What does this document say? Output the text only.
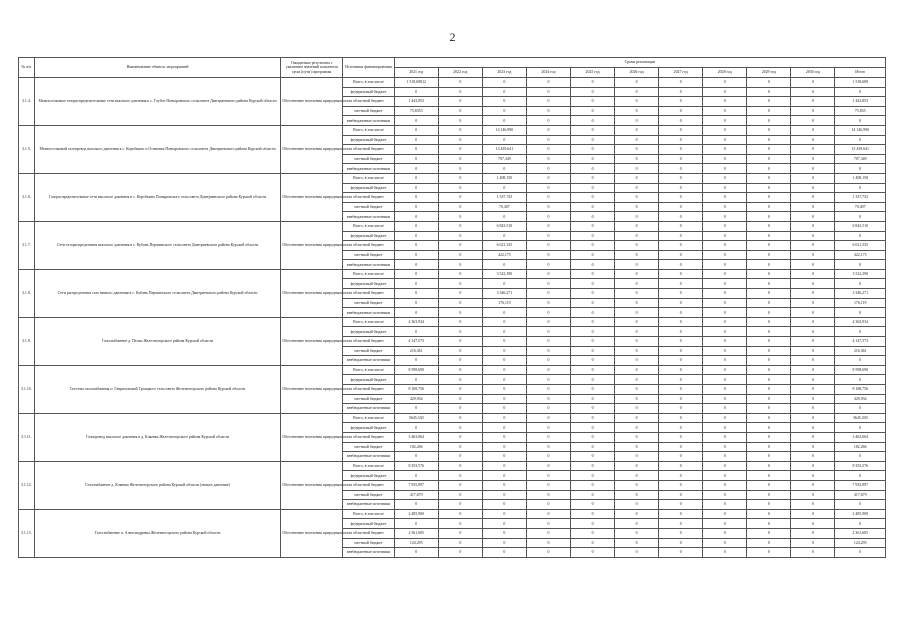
2
№ п/п	Наименование объекта, мероприятий	Ожидаемые результаты с указанием значений показателя цели (пути) программы	Источники финансирования	Сроки реализации										
				2021 год	2022 год	2023 год	2024 год	2025 год	2026 год	2027 год	2028 год	2029 год	2030 год	Итого
3.1.4.	Межпоселковые газораспределительные сети высокого давления к с. Глубое Поныровского сельсовета Дмитриевского района Курской области	Обеспечение населения природным газом	Всего, в том числе	1 518,69812	0	0	0	0	0	0	0	0	0	1 518,688
			федеральный бюджет	0	0	0	0	0	0	0	0	0	0	0
			областной бюджет	1 443,853	0	0	0	0	0	0	0	0	0	1 443,853
			местный бюджет	75,8353	0	0	0	0	0	0	0	0	0	75,835
			внебюджетные источники	0	0	0	0	0	0	0	0	0	0	0
3.1.5.	Межпоселковый газопровод высокого давления к с. Коробкино и Осиновка Поныровского сельсовета Дмитриевского района Курской области	Обеспечение населения природным газом	Всего, в том числе	0	0	14 146,990	0	0	0	0	0	0	0	14 146,990
			федеральный бюджет	0	0	0	0	0	0	0	0	0	0	0
			областной бюджет	0	0	13 439,641	0	0	0	0	0	0	0	13 439,641
			местный бюджет	0	0	707,349	0	0	0	0	0	0	0	707,349
			внебюджетные источники	0	0	0	0	0	0	0	0	0	0	0
3.1.6.	Газораспределительные сети высокого давления в с. Коробкино Поныровского сельсовета Дмитриевского района Курской области	Обеспечение населения природным газом	Всего, в том числе	0	0	1 408,150	0	0	0	0	0	0	0	1 408,150
			федеральный бюджет	0	0	0	0	0	0	0	0	0	0	0
			областной бюджет	0	0	1 337,743	0	0	0	0	0	0	0	1 337,743
			местный бюджет	0	0	70,407	0	0	0	0	0	0	0	70,407
			внебюджетные источники	0	0	0	0	0	0	0	0	0	0	0
3.1.7.	Сети газораспределения высокого давления в с. Кубань Першинского сельсовета Дмитриевского района Курской области	Обеспечение населения природным газом	Всего, в том числе	0	0	6 843,510	0	0	0	0	0	0	0	6 843,510
			федеральный бюджет	0	0	0	0	0	0	0	0	0	0	0
			областной бюджет	0	0	6 021,335	0	0	0	0	0	0	0	6 021,335
			местный бюджет	0	0	422,175	0	0	0	0	0	0	0	422,175
			внебюджетные источники	0	0	0	0	0	0	0	0	0	0	0
3.1.8.	Сети распределения газа низкого давления в с. Кубань Першинского сельсовета Дмитриевского района Курской области	Обеспечение населения природным газом	Всего, в том числе	0	0	3 522,390	0	0	0	0	0	0	0	3 522,390
			федеральный бюджет	0	0	0	0	0	0	0	0	0	0	0
			областной бюджет	0	0	3 346,271	0	0	0	0	0	0	0	3 346,271
			местный бюджет	0	0	176,119	0	0	0	0	0	0	0	176,119
			внебюджетные источники	0	0	0	0	0	0	0	0	0	0	0
3.1.9.	Газоснабжение д. Пески Железногорского района Курской области	Обеспечение населения природным газом	Всего, в том числе	4 363,934	0	0	0	0	0	0	0	0	0	4 363,934
			федеральный бюджет	0	0	0	0	0	0	0	0	0	0	0
			областной бюджет	4 147,573	0	0	0	0	0	0	0	0	0	4 147,573
			местный бюджет	216,361	0	0	0	0	0	0	0	0	0	216,361
			внебюджетные источники	0	0	0	0	0	0	0	0	0	0	0
3.1.10.	Система газоснабжения п. Гавриловский Троицкого сельсовета Железногорского района Курской области	Обеспечение населения природным газом	Всего, в том числе	8 598,690	0	0	0	0	0	0	0	0	0	8 598,690
			федеральный бюджет	0	0	0	0	0	0	0	0	0	0	0
			областной бюджет	8 168,756	0	0	0	0	0	0	0	0	0	8 168,756
			местный бюджет	429,934	0	0	0	0	0	0	0	0	0	429,934
			внебюджетные источники	0	0	0	0	0	0	0	0	0	0	0
3.1.11.	Газопровод высокого давления в д. Кляевка Железногорского района Курской области	Обеспечение населения природным газом	Всего, в том числе	3645,330	0	0	0	0	0	0	0	0	0	3645,330
			федеральный бюджет	0	0	0	0	0	0	0	0	0	0	0
			областной бюджет	3 463,064	0	0	0	0	0	0	0	0	0	3 463,064
			местный бюджет	182,266	0	0	0	0	0	0	0	0	0	182,266
			внебюджетные источники	0	0	0	0	0	0	0	0	0	0	0
3.1.12.	Газоснабжение д. Кляевка Железногорского района Курской области (низкое давление)	Обеспечение населения природным газом	Всего, в том числе	8 353,576	0	0	0	0	0	0	0	0	0	8 353,576
			федеральный бюджет	0	0	0	0	0	0	0	0	0	0	0
			областной бюджет	7 935,897	0	0	0	0	0	0	0	0	0	7 935,897
			местный бюджет	417,679	0	0	0	0	0	0	0	0	0	417,679
			внебюджетные источники	0	0	0	0	0	0	0	0	0	0	0
3.1.13.	Газоснабжение п. Александровка Железногорского района Курской области	Обеспечение населения природным газом	Всего, в том числе	2 485,900	0	0	0	0	0	0	0	0	0	2 485,900
			федеральный бюджет	0	0	0	0	0	0	0	0	0	0	0
			областной бюджет	2 361,605	0	0	0	0	0	0	0	0	0	2 361,605
			местный бюджет	124,295	0	0	0	0	0	0	0	0	0	124,295
			внебюджетные источники	0	0	0	0	0	0	0	0	0	0	0
